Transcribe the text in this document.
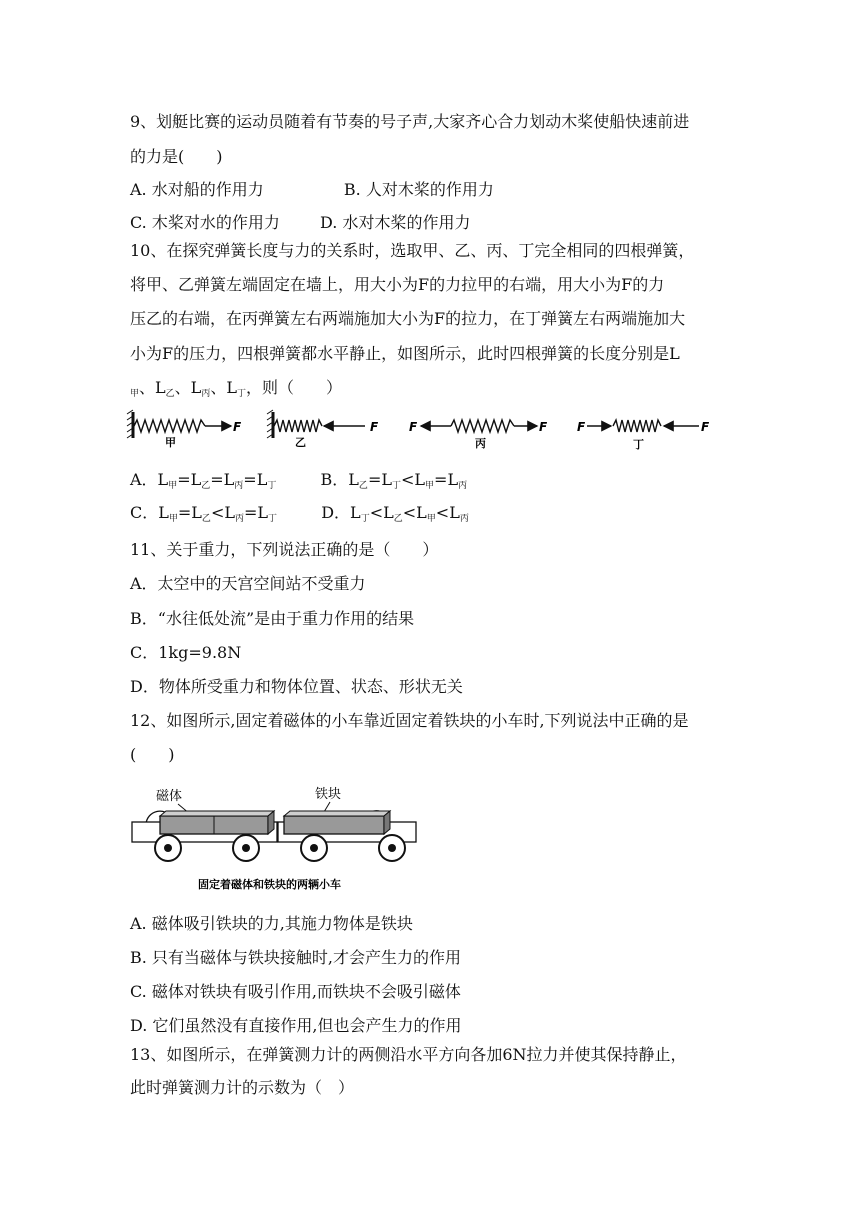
9、划艇比赛的运动员随着有节奏的号子声,大家齐心合力划动木桨使船快速前进
的力是(　　)
A. 水对船的作用力	B. 人对木桨的作用力
C. 木桨对水的作用力	D. 水对木桨的作用力
10、在探究弹簧长度与力的关系时，选取甲、乙、丙、丁完全相同的四根弹簧，
将甲、乙弹簧左端固定在墙上，用大小为F的力拉甲的右端，用大小为F的力
压乙的右端，在丙弹簧左右两端施加大小为F的拉力，在丁弹簧左右两端施加大
小为F的压力，四根弹簧都水平静止，如图所示，此时四根弹簧的长度分别是L
$_甲$、$L_乙$、$L_丙$、$L_丁$，则（　　）
F
甲
F
乙
F	F
丙
F	F
丁
A．$L_甲=L_乙=L_丙=L_丁$	B．$L_乙=L_丁<L_甲=L_丙$
C．$L_甲=L_乙<L_丙=L_丁$	D．$L_丁<L_乙<L_甲<L_丙$
11、关于重力，下列说法正确的是（　　）
A．太空中的天宫空间站不受重力
B．“水往低处流”是由于重力作用的结果
C．1kg=9.8N
D．物体所受重力和物体位置、状态、形状无关
12、如图所示,固定着磁体的小车靠近固定着铁块的小车时,下列说法中正确的是
(　　)
磁体	铁块
固定着磁体和铁块的两辆小车
A. 磁体吸引铁块的力,其施力物体是铁块
B. 只有当磁体与铁块接触时,才会产生力的作用
C. 磁体对铁块有吸引作用,而铁块不会吸引磁体
D. 它们虽然没有直接作用,但也会产生力的作用
13、如图所示，在弹簧测力计的两侧沿水平方向各加6N拉力并使其保持静止，
此时弹簧测力计的示数为（　）
